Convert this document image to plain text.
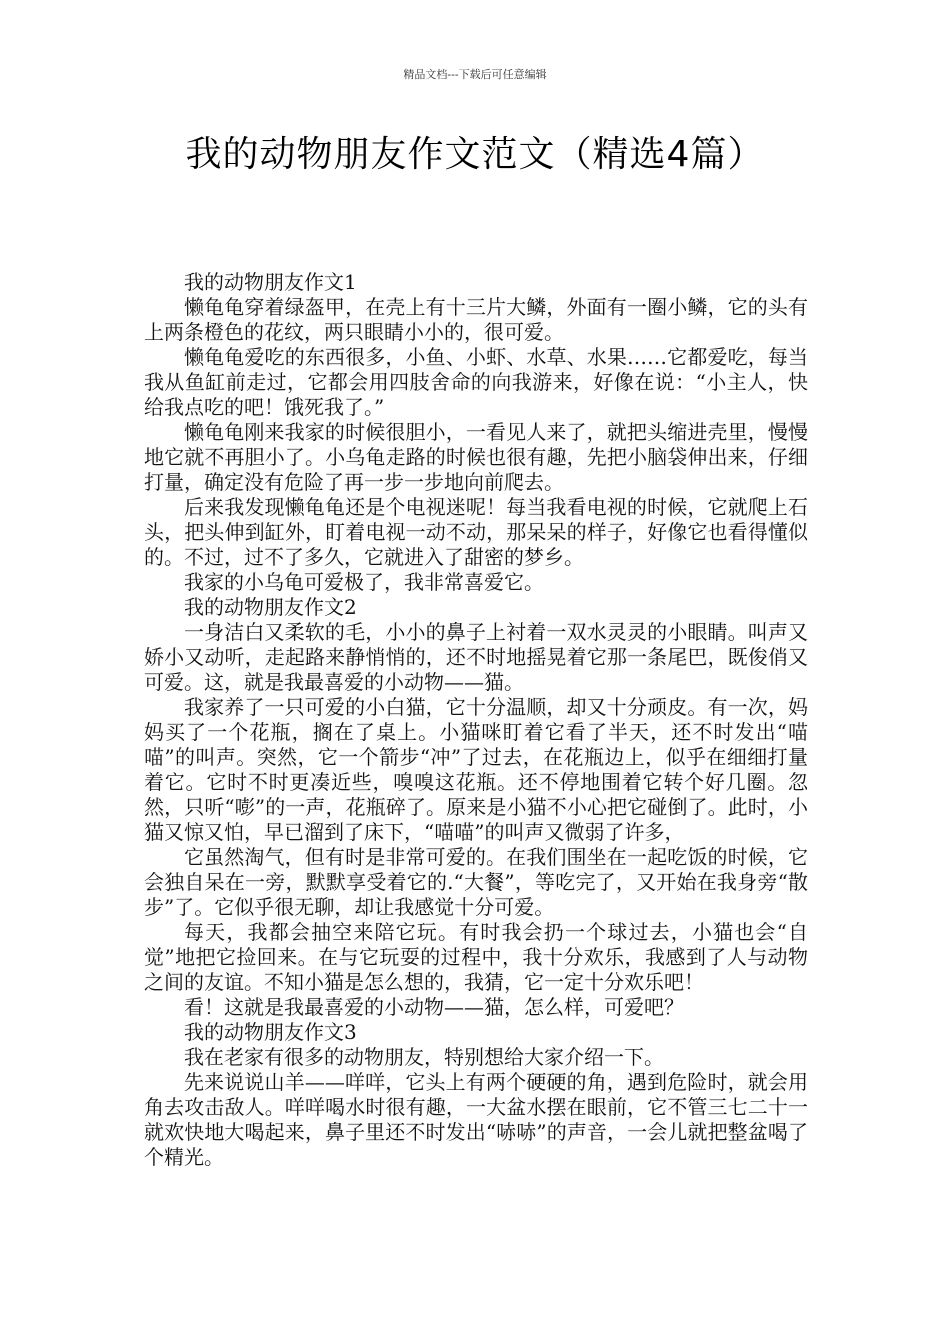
精品文档---下载后可任意编辑
我的动物朋友作文范文（精选4篇）

我的动物朋友作文1

懒龟龟穿着绿盔甲，在壳上有十三片大鳞，外面有一圈小鳞，它的头有上两条橙色的花纹，两只眼睛小小的，很可爱。

懒龟龟爱吃的东西很多，小鱼、小虾、水草、水果……它都爱吃，每当我从鱼缸前走过，它都会用四肢舍命的向我游来，好像在说：“小主人，快给我点吃的吧！饿死我了。”

懒龟龟刚来我家的时候很胆小，一看见人来了，就把头缩进壳里，慢慢地它就不再胆小了。小乌龟走路的时候也很有趣，先把小脑袋伸出来，仔细打量，确定没有危险了再一步一步地向前爬去。

后来我发现懒龟龟还是个电视迷呢！每当我看电视的时候，它就爬上石头，把头伸到缸外，盯着电视一动不动，那呆呆的样子，好像它也看得懂似的。不过，过不了多久，它就进入了甜密的梦乡。

我家的小乌龟可爱极了，我非常喜爱它。

我的动物朋友作文2

一身洁白又柔软的毛，小小的鼻子上衬着一双水灵灵的小眼睛。叫声又娇小又动听，走起路来静悄悄的，还不时地摇晃着它那一条尾巴，既俊俏又可爱。这，就是我最喜爱的小动物——猫。

我家养了一只可爱的小白猫，它十分温顺，却又十分顽皮。有一次，妈妈买了一个花瓶，搁在了桌上。小猫咪盯着它看了半天，还不时发出“喵喵”的叫声。突然，它一个箭步“冲”了过去，在花瓶边上，似乎在细细打量着它。它时不时更凑近些，嗅嗅这花瓶。还不停地围着它转个好几圈。忽然，只听“嘭”的一声，花瓶碎了。原来是小猫不小心把它碰倒了。此时，小猫又惊又怕，早已溜到了床下，“喵喵”的叫声又微弱了许多，

它虽然淘气，但有时是非常可爱的。在我们围坐在一起吃饭的时候，它会独自呆在一旁，默默享受着它的.“大餐”，等吃完了，又开始在我身旁“散步”了。它似乎很无聊，却让我感觉十分可爱。

每天，我都会抽空来陪它玩。有时我会扔一个球过去，小猫也会“自觉”地把它捡回来。在与它玩耍的过程中，我十分欢乐，我感到了人与动物之间的友谊。不知小猫是怎么想的，我猜，它一定十分欢乐吧！

看！这就是我最喜爱的小动物——猫，怎么样，可爱吧？

我的动物朋友作文3

我在老家有很多的动物朋友，特别想给大家介绍一下。

先来说说山羊——咩咩，它头上有两个硬硬的角，遇到危险时，就会用角去攻击敌人。咩咩喝水时很有趣，一大盆水摆在眼前，它不管三七二十一就欢快地大喝起来，鼻子里还不时发出“哧哧”的声音，一会儿就把整盆喝了个精光。
